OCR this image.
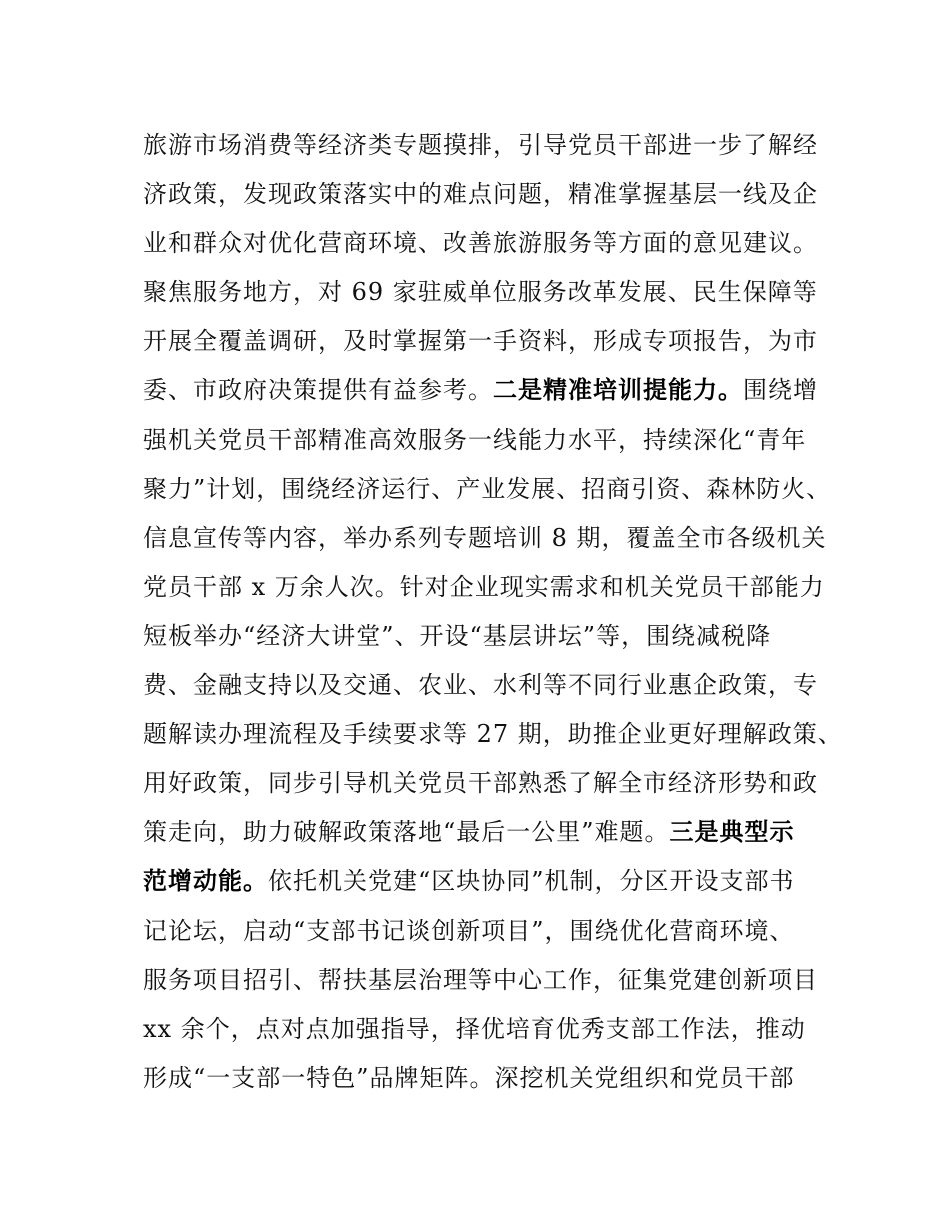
旅游市场消费等经济类专题摸排，引导党员干部进一步了解经
济政策，发现政策落实中的难点问题，精准掌握基层一线及企
业和群众对优化营商环境、改善旅游服务等方面的意见建议。
聚焦服务地方，对 69 家驻威单位服务改革发展、民生保障等
开展全覆盖调研，及时掌握第一手资料，形成专项报告，为市
委、市政府决策提供有益参考。二是精准培训提能力。围绕增
强机关党员干部精准高效服务一线能力水平，持续深化“青年
聚力”计划，围绕经济运行、产业发展、招商引资、森林防火、
信息宣传等内容，举办系列专题培训 8 期，覆盖全市各级机关
党员干部 x 万余人次。针对企业现实需求和机关党员干部能力
短板举办“经济大讲堂”、开设“基层讲坛”等，围绕减税降
费、金融支持以及交通、农业、水利等不同行业惠企政策，专
题解读办理流程及手续要求等 27 期，助推企业更好理解政策、
用好政策，同步引导机关党员干部熟悉了解全市经济形势和政
策走向，助力破解政策落地“最后一公里”难题。三是典型示
范增动能。依托机关党建“区块协同”机制，分区开设支部书
记论坛，启动“支部书记谈创新项目”，围绕优化营商环境、
服务项目招引、帮扶基层治理等中心工作，征集党建创新项目
xx 余个，点对点加强指导，择优培育优秀支部工作法，推动
形成“一支部一特色”品牌矩阵。深挖机关党组织和党员干部
